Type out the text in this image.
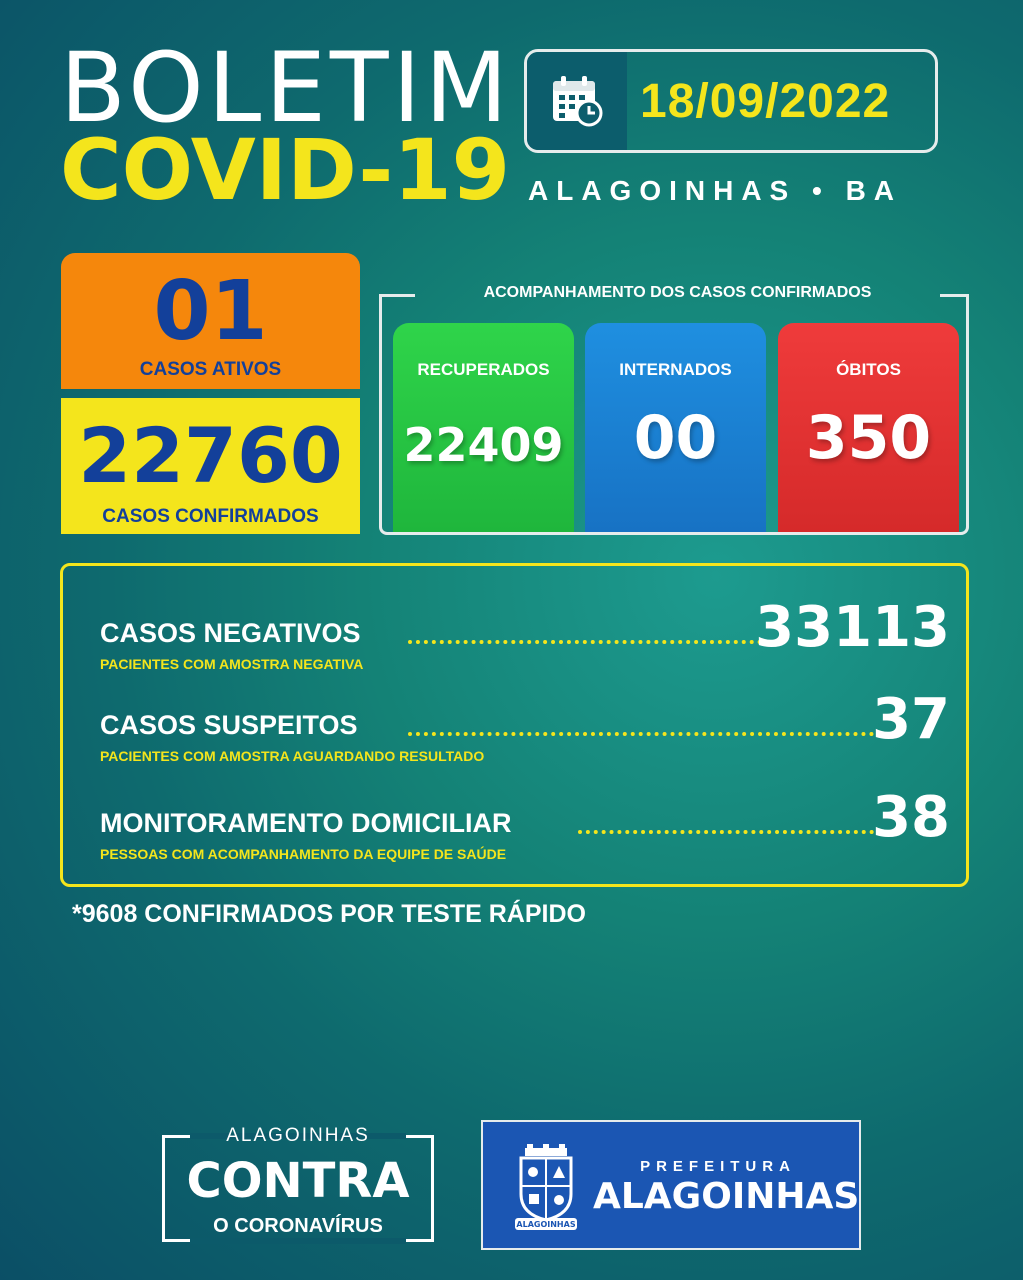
BOLETIM
COVID-19
18/09/2022
ALAGOINHAS • BA
01
CASOS ATIVOS
22760
CASOS CONFIRMADOS
ACOMPANHAMENTO DOS CASOS CONFIRMADOS
RECUPERADOS
22409
INTERNADOS
00
ÓBITOS
350
CASOS NEGATIVOS	33113
PACIENTES COM AMOSTRA NEGATIVA
CASOS SUSPEITOS	37
PACIENTES COM AMOSTRA AGUARDANDO RESULTADO
MONITORAMENTO DOMICILIAR	38
PESSOAS COM ACOMPANHAMENTO DA EQUIPE DE SAÚDE
*9608 CONFIRMADOS POR TESTE RÁPIDO
ALAGOINHAS
CONTRA
O CORONAVÍRUS	ALAGOINHAS
PREFEITURA
ALAGOINHAS
